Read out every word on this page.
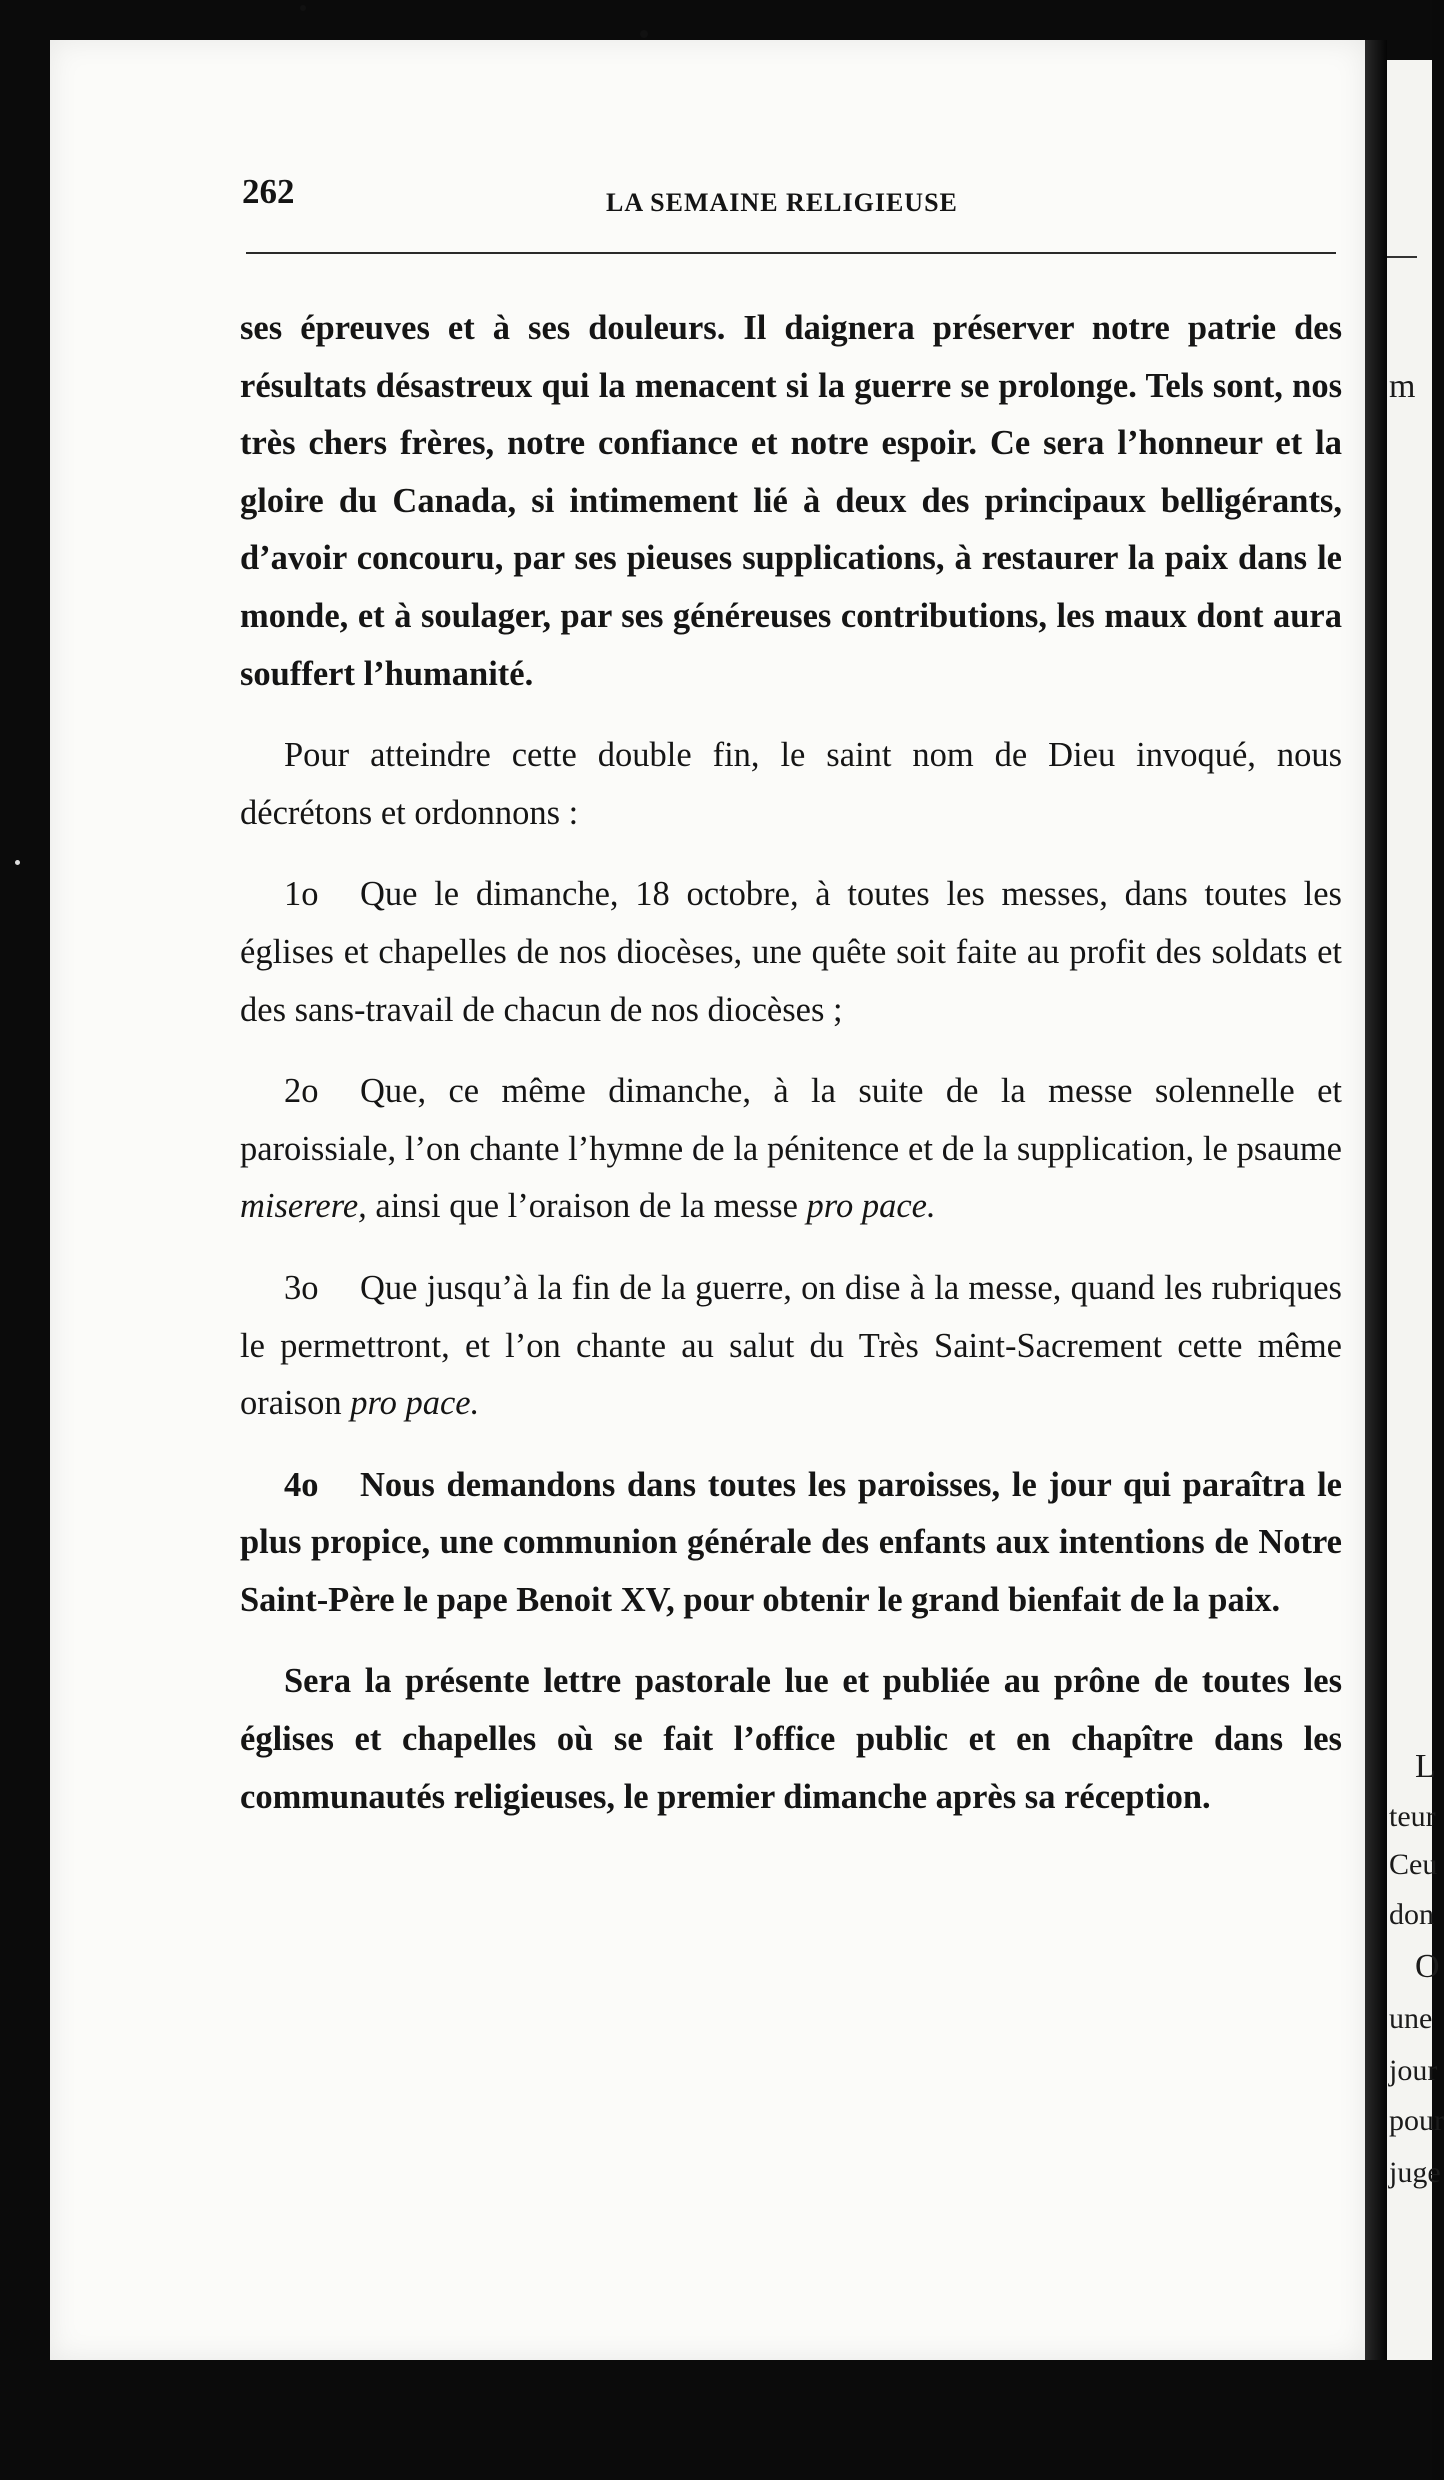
m
L
teur
Ceu
don
O
une
jour
pour
juge
262	LA SEMAINE RELIGIEUSE

ses épreuves et à ses douleurs. Il daignera préserver notre patrie des résultats désastreux qui la menacent si la guerre se prolonge. Tels sont, nos très chers frères, notre confiance et notre espoir. Ce sera l’honneur et la gloire du Canada, si intimement lié à deux des principaux belligérants, d’avoir concouru, par ses pieuses supplications, à restaurer la paix dans le monde, et à soulager, par ses généreuses contributions, les maux dont aura souffert l’humanité.

Pour atteindre cette double fin, le saint nom de Dieu invoqué, nous décrétons et ordonnons :

1o Que le dimanche, 18 octobre, à toutes les messes, dans toutes les églises et chapelles de nos diocèses, une quête soit faite au profit des soldats et des sans-travail de chacun de nos diocèses ;

2o Que, ce même dimanche, à la suite de la messe solennelle et paroissiale, l’on chante l’hymne de la pénitence et de la supplication, le psaume miserere, ainsi que l’oraison de la messe pro pace.

3o Que jusqu’à la fin de la guerre, on dise à la messe, quand les rubriques le permettront, et l’on chante au salut du Très Saint-Sacrement cette même oraison pro pace.

4o Nous demandons dans toutes les paroisses, le jour qui paraîtra le plus propice, une communion générale des enfants aux intentions de Notre Saint-Père le pape Benoit XV, pour obtenir le grand bienfait de la paix.

Sera la présente lettre pastorale lue et publiée au prône de toutes les églises et chapelles où se fait l’office public et en chapître dans les communautés religieuses, le premier dimanche après sa réception.
